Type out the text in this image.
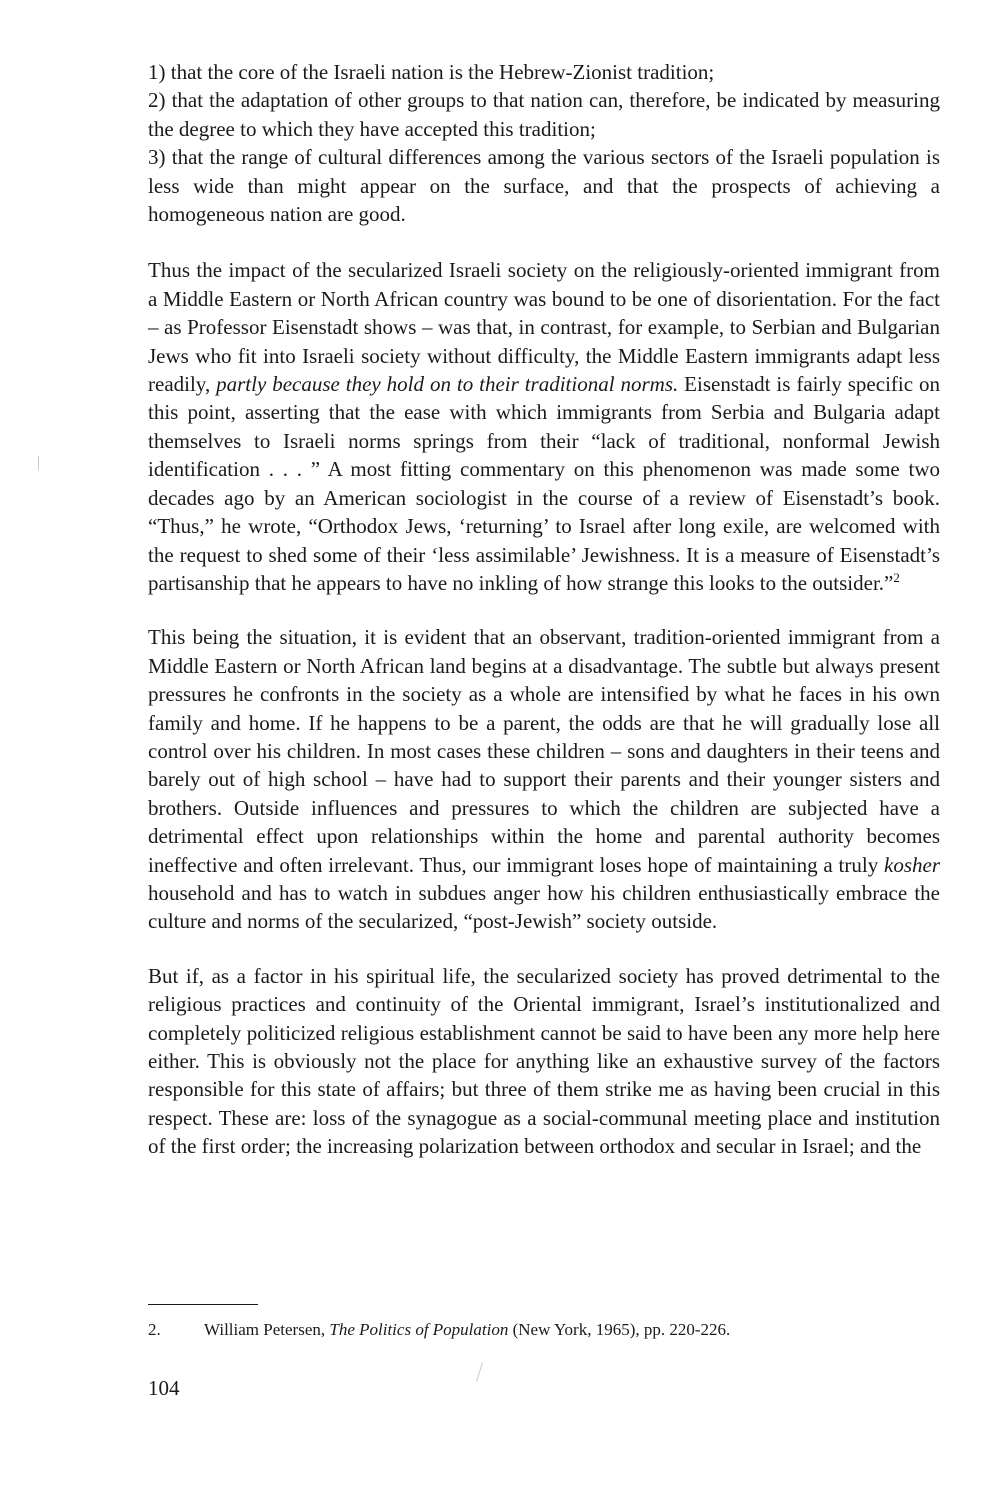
1) that the core of the Israeli nation is the Hebrew-Zionist tradition;

2) that the adaptation of other groups to that nation can, therefore, be indicated by measuring the degree to which they have accepted this tradition;

3) that the range of cultural differences among the various sectors of the Israeli population is less wide than might appear on the surface, and that the prospects of achieving a homogeneous nation are good.

Thus the impact of the secularized Israeli society on the religiously-oriented immigrant from a Middle Eastern or North African country was bound to be one of disorientation. For the fact – as Professor Eisenstadt shows – was that, in contrast, for example, to Serbian and Bulgarian Jews who fit into Israeli society without difficulty, the Middle Eastern immigrants adapt less readily, partly because they hold on to their traditional norms. Eisenstadt is fairly specific on this point, asserting that the ease with which immigrants from Serbia and Bulgaria adapt themselves to Israeli norms springs from their “lack of traditional, nonformal Jewish identification . . . ” A most fitting commentary on this phenomenon was made some two decades ago by an American sociologist in the course of a review of Eisenstadt’s book. “Thus,” he wrote, “Orthodox Jews, ‘returning’ to Israel after long exile, are welcomed with the request to shed some of their ‘less assimilable’ Jewishness. It is a measure of Eisenstadt’s partisanship that he appears to have no inkling of how strange this looks to the outsider.”$^2$

This being the situation, it is evident that an observant, tradition-oriented immigrant from a Middle Eastern or North African land begins at a disadvantage. The subtle but always present pressures he confronts in the society as a whole are intensified by what he faces in his own family and home. If he happens to be a parent, the odds are that he will gradually lose all control over his children. In most cases these children – sons and daughters in their teens and barely out of high school – have had to support their parents and their younger sisters and brothers. Outside influences and pressures to which the children are subjected have a detrimental effect upon relationships within the home and parental authority becomes ineffective and often irrelevant. Thus, our immigrant loses hope of maintaining a truly kosher household and has to watch in subdues anger how his children enthusiastically embrace the culture and norms of the secularized, “post-Jewish” society outside.

But if, as a factor in his spiritual life, the secularized society has proved detrimental to the religious practices and continuity of the Oriental immigrant, Israel’s institutionalized and completely politicized religious establishment cannot be said to have been any more help here either. This is obviously not the place for anything like an exhaustive survey of the factors responsible for this state of affairs; but three of them strike me as having been crucial in this respect. These are: loss of the synagogue as a social-communal meeting place and institution of the first order; the increasing polarization between orthodox and secular in Israel; and the

2.	William Petersen, The Politics of Population (New York, 1965), pp. 220-226.

104
